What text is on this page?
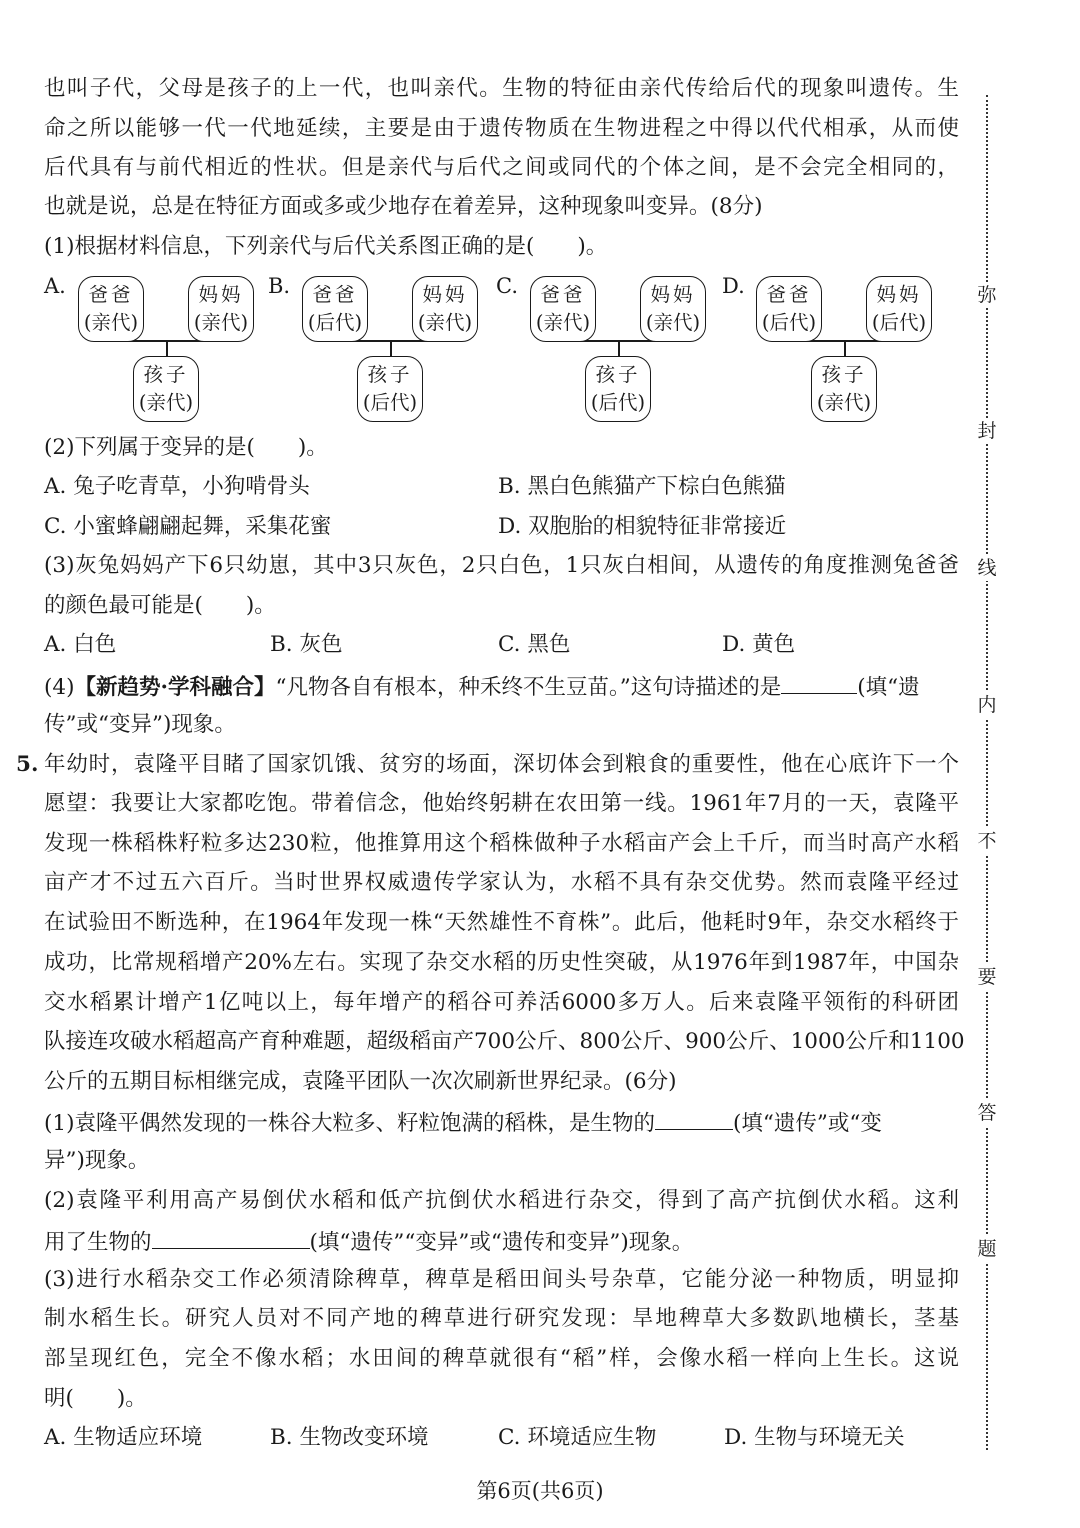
也叫子代，父母是孩子的上一代，也叫亲代。生物的特征由亲代传给后代的现象叫遗传。生
命之所以能够一代一代地延续，主要是由于遗传物质在生物进程之中得以代代相承，从而使
后代具有与前代相近的性状。但是亲代与后代之间或同代的个体之间，是不会完全相同的，
也就是说，总是在特征方面或多或少地存在着差异，这种现象叫变异。(8分)
(1)根据材料信息，下列亲代与后代关系图正确的是(　　)。
A.	爸爸
(亲代)
妈妈
(亲代)
孩子
(亲代)
B.	爸爸
(后代)
妈妈
(亲代)
孩子
(后代)
C.	爸爸
(亲代)
妈妈
(亲代)
孩子
(后代)
D.	爸爸
(后代)
妈妈
(后代)
孩子
(亲代)
(2)下列属于变异的是(　　)。
A. 兔子吃青草，小狗啃骨头	B. 黑白色熊猫产下棕白色熊猫
C. 小蜜蜂翩翩起舞，采集花蜜	D. 双胞胎的相貌特征非常接近
(3)灰兔妈妈产下6只幼崽，其中3只灰色，2只白色，1只灰白相间，从遗传的角度推测兔爸爸
的颜色最可能是(　　)。
A. 白色	B. 灰色	C. 黑色	D. 黄色
(4)【新趋势·学科融合】“凡物各自有根本，种禾终不生豆苗。”这句诗描述的是	(填“遗
传”或“变异”)现象。
5. 年幼时，袁隆平目睹了国家饥饿、贫穷的场面，深切体会到粮食的重要性，他在心底许下一个
愿望：我要让大家都吃饱。带着信念，他始终躬耕在农田第一线。1961年7月的一天，袁隆平
发现一株稻株籽粒多达230粒，他推算用这个稻株做种子水稻亩产会上千斤，而当时高产水稻
亩产才不过五六百斤。当时世界权威遗传学家认为，水稻不具有杂交优势。然而袁隆平经过
在试验田不断选种，在1964年发现一株“天然雄性不育株”。此后，他耗时9年，杂交水稻终于
成功，比常规稻增产20%左右。实现了杂交水稻的历史性突破，从1976年到1987年，中国杂
交水稻累计增产1亿吨以上，每年增产的稻谷可养活6000多万人。后来袁隆平领衔的科研团
队接连攻破水稻超高产育种难题，超级稻亩产700公斤、800公斤、900公斤、1000公斤和1100
公斤的五期目标相继完成，袁隆平团队一次次刷新世界纪录。(6分)
(1)袁隆平偶然发现的一株谷大粒多、籽粒饱满的稻株，是生物的	(填“遗传”或“变
异”)现象。
(2)袁隆平利用高产易倒伏水稻和低产抗倒伏水稻进行杂交，得到了高产抗倒伏水稻。这利
用了生物的	(填“遗传”“变异”或“遗传和变异”)现象。
(3)进行水稻杂交工作必须清除稗草，稗草是稻田间头号杂草，它能分泌一种物质，明显抑
制水稻生长。研究人员对不同产地的稗草进行研究发现：旱地稗草大多数趴地横长，茎基
部呈现红色，完全不像水稻；水田间的稗草就很有“稻”样，会像水稻一样向上生长。这说
明(　　)。
A. 生物适应环境	B. 生物改变环境	C. 环境适应生物	D. 生物与环境无关
弥
封
线
内
不
要
答
题
第6页(共6页)
